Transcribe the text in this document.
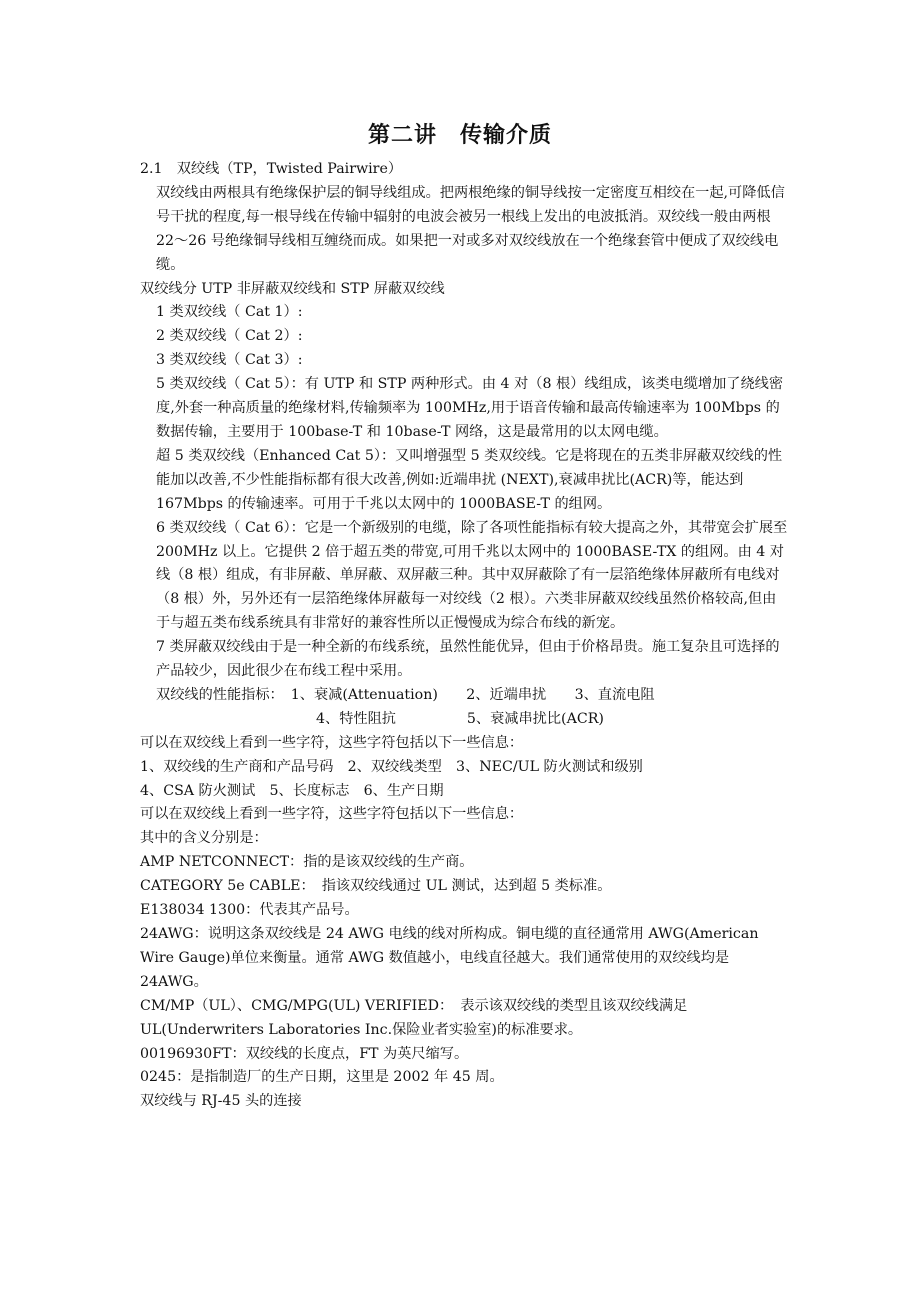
第二讲　传输介质

2.1　双绞线（TP，Twisted Pairwire）

双绞线由两根具有绝缘保护层的铜导线组成。把两根绝缘的铜导线按一定密度互相绞在一起,可降低信号干扰的程度,每一根导线在传输中辐射的电波会被另一根线上发出的电波抵消。双绞线一般由两根 22～26 号绝缘铜导线相互缠绕而成。如果把一对或多对双绞线放在一个绝缘套管中便成了双绞线电缆。

双绞线分 UTP 非屏蔽双绞线和 STP 屏蔽双绞线

1 类双绞线（ Cat 1）:

2 类双绞线（ Cat 2）:

3 类双绞线（ Cat 3）:

5 类双绞线（ Cat 5）：有 UTP 和 STP 两种形式。由 4 对（8 根）线组成，该类电缆增加了绕线密度,外套一种高质量的绝缘材料,传输频率为 100MHz,用于语音传输和最高传输速率为 100Mbps 的数据传输，主要用于 100base-T 和 10base-T 网络，这是最常用的以太网电缆。

超 5 类双绞线（Enhanced Cat 5）：又叫增强型 5 类双绞线。它是将现在的五类非屏蔽双绞线的性能加以改善,不少性能指标都有很大改善,例如:近端串扰 (NEXT),衰减串扰比(ACR)等，能达到 167Mbps 的传输速率。可用于千兆以太网中的 1000BASE-T 的组网。

6 类双绞线（ Cat 6）：它是一个新级别的电缆，除了各项性能指标有较大提高之外，其带宽会扩展至 200MHz 以上。它提供 2 倍于超五类的带宽,可用千兆以太网中的 1000BASE-TX 的组网。由 4 对线（8 根）组成，有非屏蔽、单屏蔽、双屏蔽三种。其中双屏蔽除了有一层箔绝缘体屏蔽所有电线对（8 根）外，另外还有一层箔绝缘体屏蔽每一对绞线（2 根）。六类非屏蔽双绞线虽然价格较高,但由于与超五类布线系统具有非常好的兼容性所以正慢慢成为综合布线的新宠。

7 类屏蔽双绞线由于是一种全新的布线系统，虽然性能优异，但由于价格昂贵。施工复杂且可选择的产品较少，因此很少在布线工程中采用。

双绞线的性能指标：　1、衰减(Attenuation)　　2、近端串扰　　3、直流电阻

4、特性阻抗　　　　　5、衰减串扰比(ACR)

可以在双绞线上看到一些字符，这些字符包括以下一些信息：

1、双绞线的生产商和产品号码　2、双绞线类型　3、NEC/UL 防火测试和级别

4、CSA 防火测试　5、长度标志　6、生产日期

可以在双绞线上看到一些字符，这些字符包括以下一些信息：

其中的含义分别是：

AMP NETCONNECT：指的是该双绞线的生产商。

CATEGORY 5e CABLE：　指该双绞线通过 UL 测试，达到超 5 类标准。

E138034 1300：代表其产品号。

24AWG：说明这条双绞线是 24 AWG 电线的线对所构成。铜电缆的直径通常用 AWG(American Wire Gauge)单位来衡量。通常 AWG 数值越小，电线直径越大。我们通常使用的双绞线均是 24AWG。

CM/MP（UL）、CMG/MPG(UL) VERIFIED：　表示该双绞线的类型且该双绞线满足 UL(Underwriters Laboratories Inc.保险业者实验室)的标准要求。

00196930FT：双绞线的长度点，FT 为英尺缩写。

0245：是指制造厂的生产日期，这里是 2002 年 45 周。

双绞线与 RJ-45 头的连接
